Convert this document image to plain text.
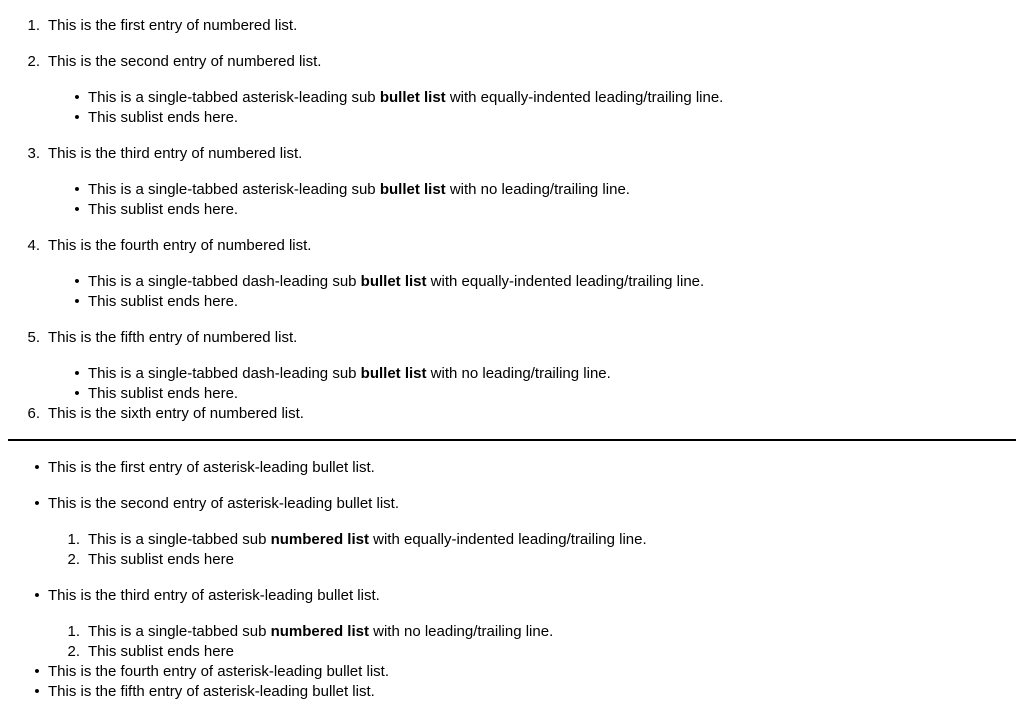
1. This is the first entry of numbered list.
2. This is the second entry of numbered list.
• This is a single-tabbed asterisk-leading sub bullet list with equally-indented leading/trailing line.
• This sublist ends here.
3. This is the third entry of numbered list.
• This is a single-tabbed asterisk-leading sub bullet list with no leading/trailing line.
• This sublist ends here.
4. This is the fourth entry of numbered list.
• This is a single-tabbed dash-leading sub bullet list with equally-indented leading/trailing line.
• This sublist ends here.
5. This is the fifth entry of numbered list.
• This is a single-tabbed dash-leading sub bullet list with no leading/trailing line.
• This sublist ends here.
6. This is the sixth entry of numbered list.
• This is the first entry of asterisk-leading bullet list.
• This is the second entry of asterisk-leading bullet list.
1. This is a single-tabbed sub numbered list with equally-indented leading/trailing line.
2. This sublist ends here
• This is the third entry of asterisk-leading bullet list.
1. This is a single-tabbed sub numbered list with no leading/trailing line.
2. This sublist ends here
• This is the fourth entry of asterisk-leading bullet list.
• This is the fifth entry of asterisk-leading bullet list.
